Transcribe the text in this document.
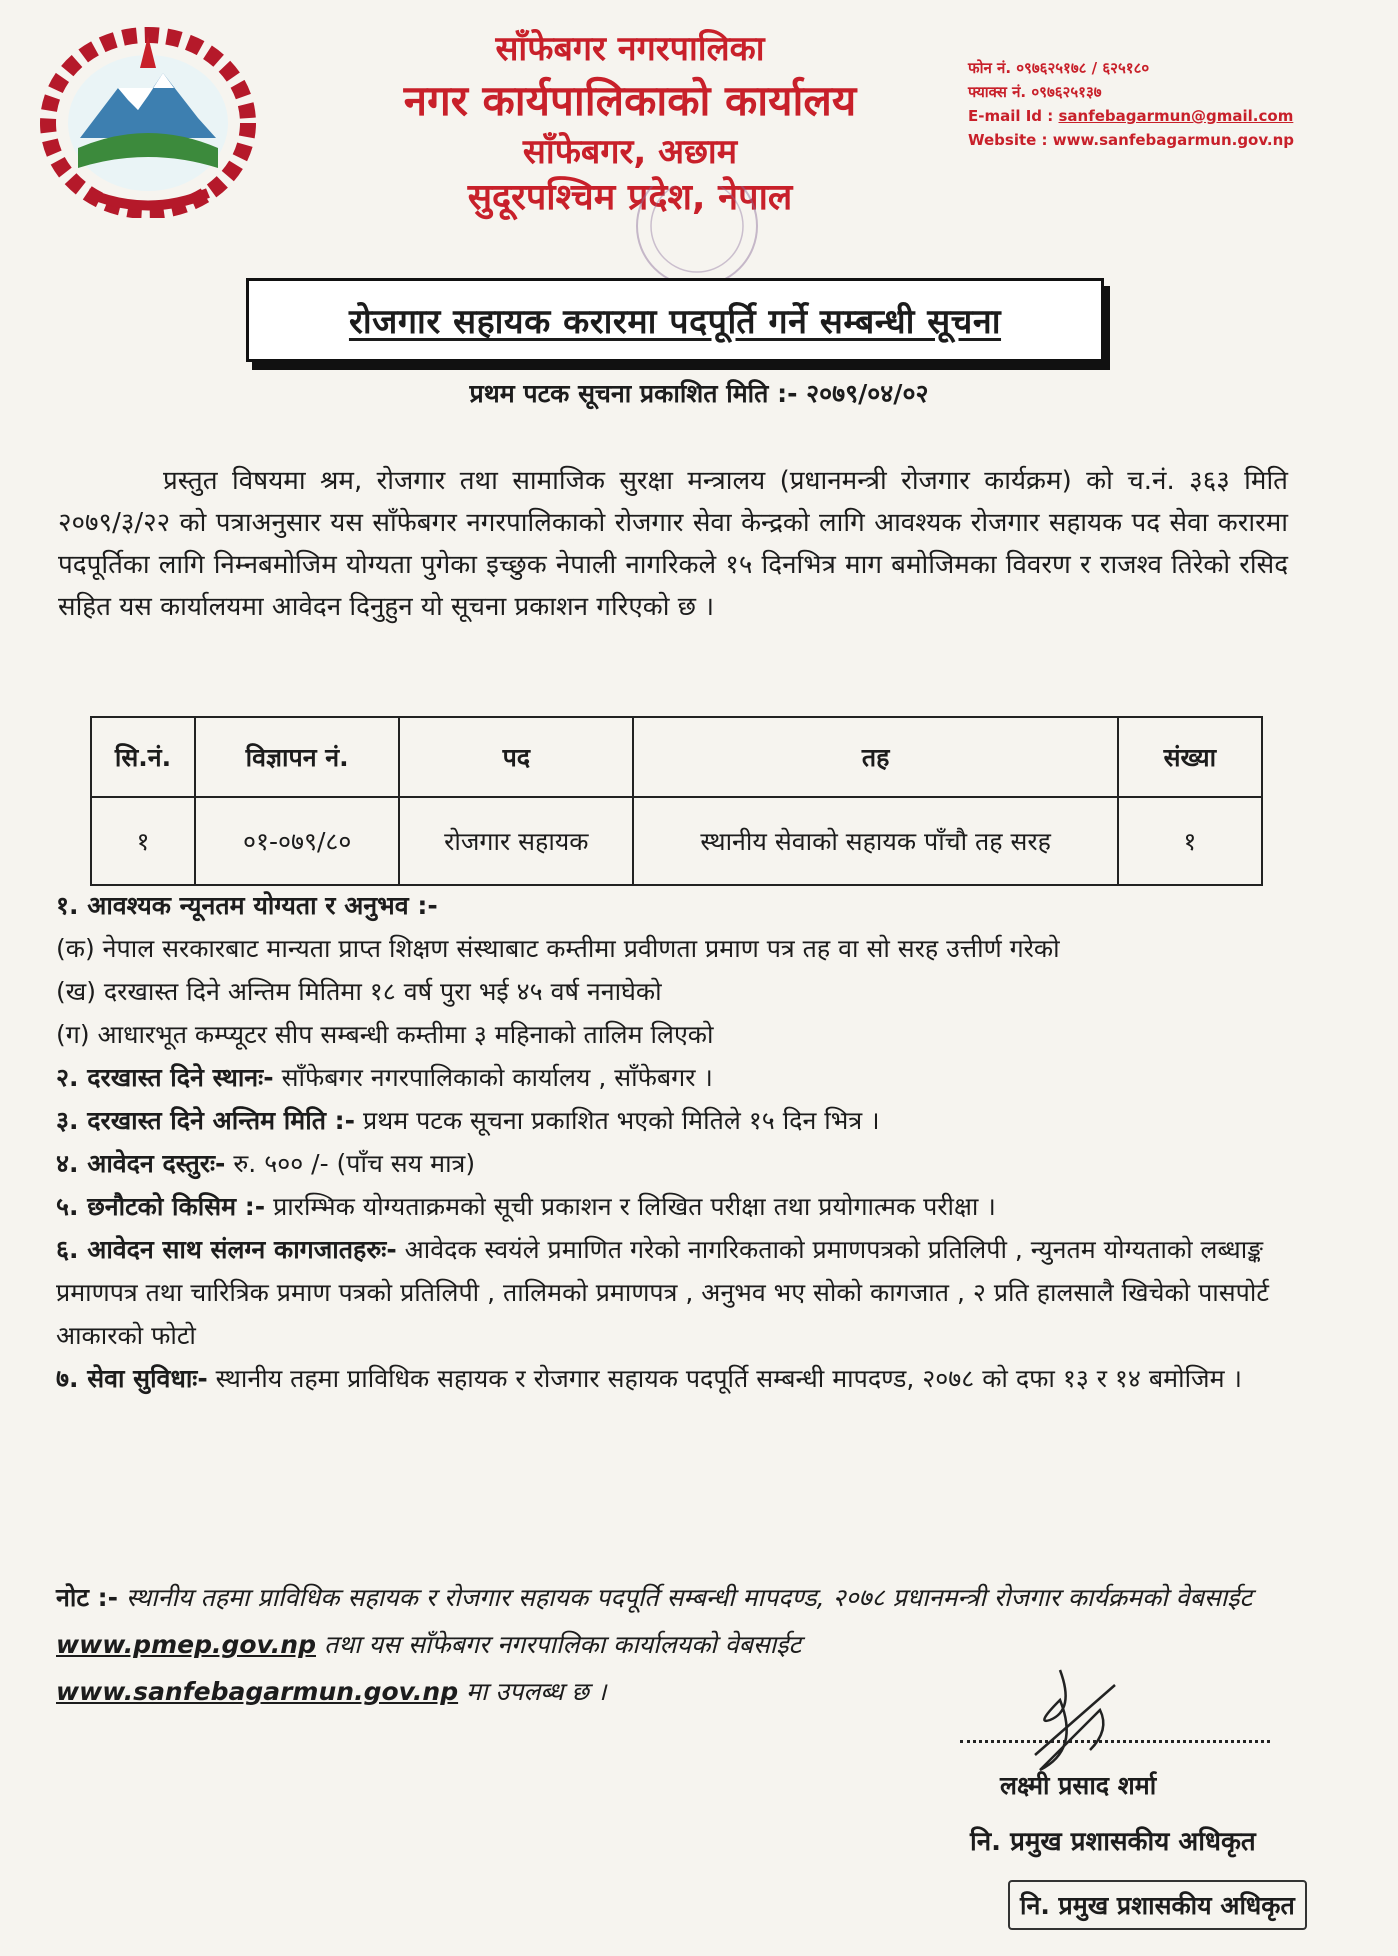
साँफेबगर नगरपालिका
नगर कार्यपालिकाको कार्यालय
साँफेबगर, अछाम
सुदूरपश्चिम प्रदेश, नेपाल
फोन नं. ०९७६२५१७८ / ६२५१८०
फ्याक्स नं. ०९७६२५१३७
E-mail Id : sanfebagarmun@gmail.com
Website : www.sanfebagarmun.gov.np
रोजगार सहायक करारमा पदपूर्ति गर्ने सम्बन्धी सूचना
प्रथम पटक सूचना प्रकाशित मिति :- २०७९/०४/०२
प्रस्तुत विषयमा श्रम, रोजगार तथा सामाजिक सुरक्षा मन्त्रालय (प्रधानमन्त्री रोजगार कार्यक्रम) को च.नं. ३६३ मिति २०७९/३/२२ को पत्राअनुसार यस साँफेबगर नगरपालिकाको रोजगार सेवा केन्द्रको लागि आवश्यक रोजगार सहायक पद सेवा करारमा पदपूर्तिका लागि निम्नबमोजिम योग्यता पुगेका इच्छुक नेपाली नागरिकले १५ दिनभित्र माग बमोजिमका विवरण र राजश्व तिरेको रसिद सहित यस कार्यालयमा आवेदन दिनुहुन यो सूचना प्रकाशन गरिएको छ ।
सि.नं.	विज्ञापन नं.	पद	तह	संख्या
१	०१-०७९/८०	रोजगार सहायक	स्थानीय सेवाको सहायक पाँचौ तह सरह	१
१. आवश्यक न्यूनतम योग्यता र अनुभव :-
(क) नेपाल सरकारबाट मान्यता प्राप्त शिक्षण संस्थाबाट कम्तीमा प्रवीणता प्रमाण पत्र तह वा सो सरह उत्तीर्ण गरेको
(ख) दरखास्त दिने अन्तिम मितिमा १८ वर्ष पुरा भई ४५ वर्ष ननाघेको
(ग) आधारभूत कम्प्यूटर सीप सम्बन्धी कम्तीमा ३ महिनाको तालिम लिएको
२. दरखास्त दिने स्थानः- साँफेबगर नगरपालिकाको कार्यालय , साँफेबगर ।
३. दरखास्त दिने अन्तिम मिति :- प्रथम पटक सूचना प्रकाशित भएको मितिले १५ दिन भित्र ।
४. आवेदन दस्तुरः- रु. ५०० /- (पाँच सय मात्र)
५. छनौटको किसिम :- प्रारम्भिक योग्यताक्रमको सूची प्रकाशन र लिखित परीक्षा तथा प्रयोगात्मक परीक्षा ।
६. आवेदन साथ संलग्न कागजातहरुः- आवेदक स्वयंले प्रमाणित गरेको नागरिकताको प्रमाणपत्रको प्रतिलिपी , न्युनतम योग्यताको लब्धाङ्क प्रमाणपत्र तथा चारित्रिक प्रमाण पत्रको प्रतिलिपी , तालिमको प्रमाणपत्र , अनुभव भए सोको कागजात , २ प्रति हालसालै खिचेको पासपोर्ट आकारको फोटो
७. सेवा सुविधाः- स्थानीय तहमा प्राविधिक सहायक र रोजगार सहायक पदपूर्ति सम्बन्धी मापदण्ड, २०७८ को दफा १३ र १४ बमोजिम ।
नोट :- स्थानीय तहमा प्राविधिक सहायक र रोजगार सहायक पदपूर्ति सम्बन्धी मापदण्ड, २०७८ प्रधानमन्त्री रोजगार कार्यक्रमको वेबसाईट www.pmep.gov.np तथा यस साँफेबगर नगरपालिका कार्यालयको वेबसाईट
www.sanfebagarmun.gov.np मा उपलब्ध छ ।
लक्ष्मी प्रसाद शर्मा
नि. प्रमुख प्रशासकीय अधिकृत
नि. प्रमुख प्रशासकीय अधिकृत
